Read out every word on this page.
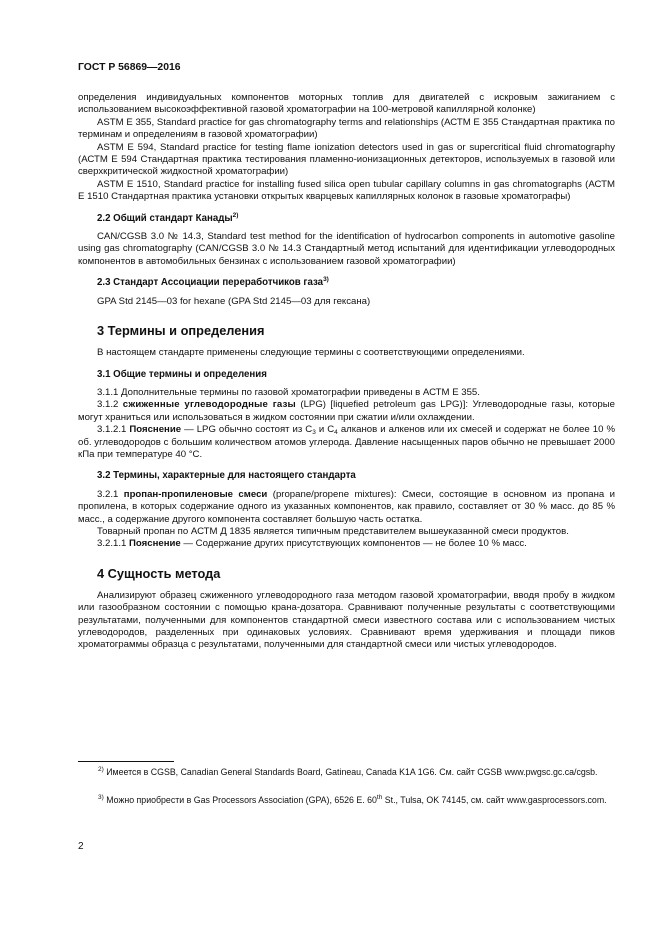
ГОСТ Р 56869—2016

определения индивидуальных компонентов моторных топлив для двигателей с искровым зажиганием с использованием высокоэффективной газовой хроматографии на 100-метровой капиллярной колонке)

ASTM E 355, Standard practice for gas chromatography terms and relationships (АСТМ Е 355 Стандартная практика по терминам и определениям в газовой хроматографии)

ASTM E 594, Standard practice for testing flame ionization detectors used in gas or supercritical fluid chromatography (АСТМ Е 594 Стандартная практика тестирования пламенно-ионизационных детекторов, используемых в газовой или сверхкритической жидкостной хроматографии)

ASTM E 1510, Standard practice for installing fused silica open tubular capillary columns in gas chromatographs (АСТМ Е 1510 Стандартная практика установки открытых кварцевых капиллярных колонок в газовые хроматографы)

2.2 Общий стандарт Канады$^{2)}$

CAN/CGSB 3.0 № 14.3, Standard test method for the identification of hydrocarbon components in automotive gasoline using gas chromatography (CAN/CGSB 3.0 № 14.3 Стандартный метод испытаний для идентификации углеводородных компонентов в автомобильных бензинах с использованием газовой хроматографии)

2.3 Стандарт Ассоциации переработчиков газа$^{3)}$

GPA Std 2145—03 for hexane (GPA Std 2145—03 для гексана)

3 Термины и определения

В настоящем стандарте применены следующие термины с соответствующими определениями.

3.1 Общие термины и определения

3.1.1 Дополнительные термины по газовой хроматографии приведены в АСТМ Е 355.

3.1.2 сжиженные углеводородные газы (LPG) [liquefied petroleum gas LPG)]: Углеводородные газы, которые могут храниться или использоваться в жидком состоянии при сжатии и/или охлаждении.

3.1.2.1 Пояснение — LPG обычно состоят из $C_3$ и $C_4$ алканов и алкенов или их смесей и содержат не более 10 % об. углеводородов с большим количеством атомов углерода. Давление насыщенных паров обычно не превышает 2000 кПа при температуре 40 °С.

3.2 Термины, характерные для настоящего стандарта

3.2.1 пропан-пропиленовые смеси (propane/propene mixtures): Смеси, состоящие в основном из пропана и пропилена, в которых содержание одного из указанных компонентов, как правило, составляет от 30 % масс. до 85 % масс., а содержание другого компонента составляет большую часть остатка.

Товарный пропан по АСТМ Д 1835 является типичным представителем вышеуказанной смеси продуктов.

3.2.1.1 Пояснение — Содержание других присутствующих компонентов — не более 10 % масс.

4 Сущность метода

Анализируют образец сжиженного углеводородного газа методом газовой хроматографии, вводя пробу в жидком или газообразном состоянии с помощью крана-дозатора. Сравнивают полученные результаты с соответствующими результатами, полученными для компонентов стандартной смеси известного состава или с использованием чистых углеводородов, разделенных при одинаковых условиях. Сравнивают время удерживания и площади пиков хроматограммы образца с результатами, полученными для стандартной смеси или чистых углеводородов.

$^{2)}$ Имеется в CGSB, Canadian General Standards Board, Gatineau, Canada K1A 1G6. См. сайт CGSB www.pwgsc.gc.ca/cgsb.

$^{3)}$ Можно приобрести в Gas Processors Association (GPA), 6526 E. 60th St., Tulsa, OK 74145, см. сайт www.gasprocessors.com.

2
